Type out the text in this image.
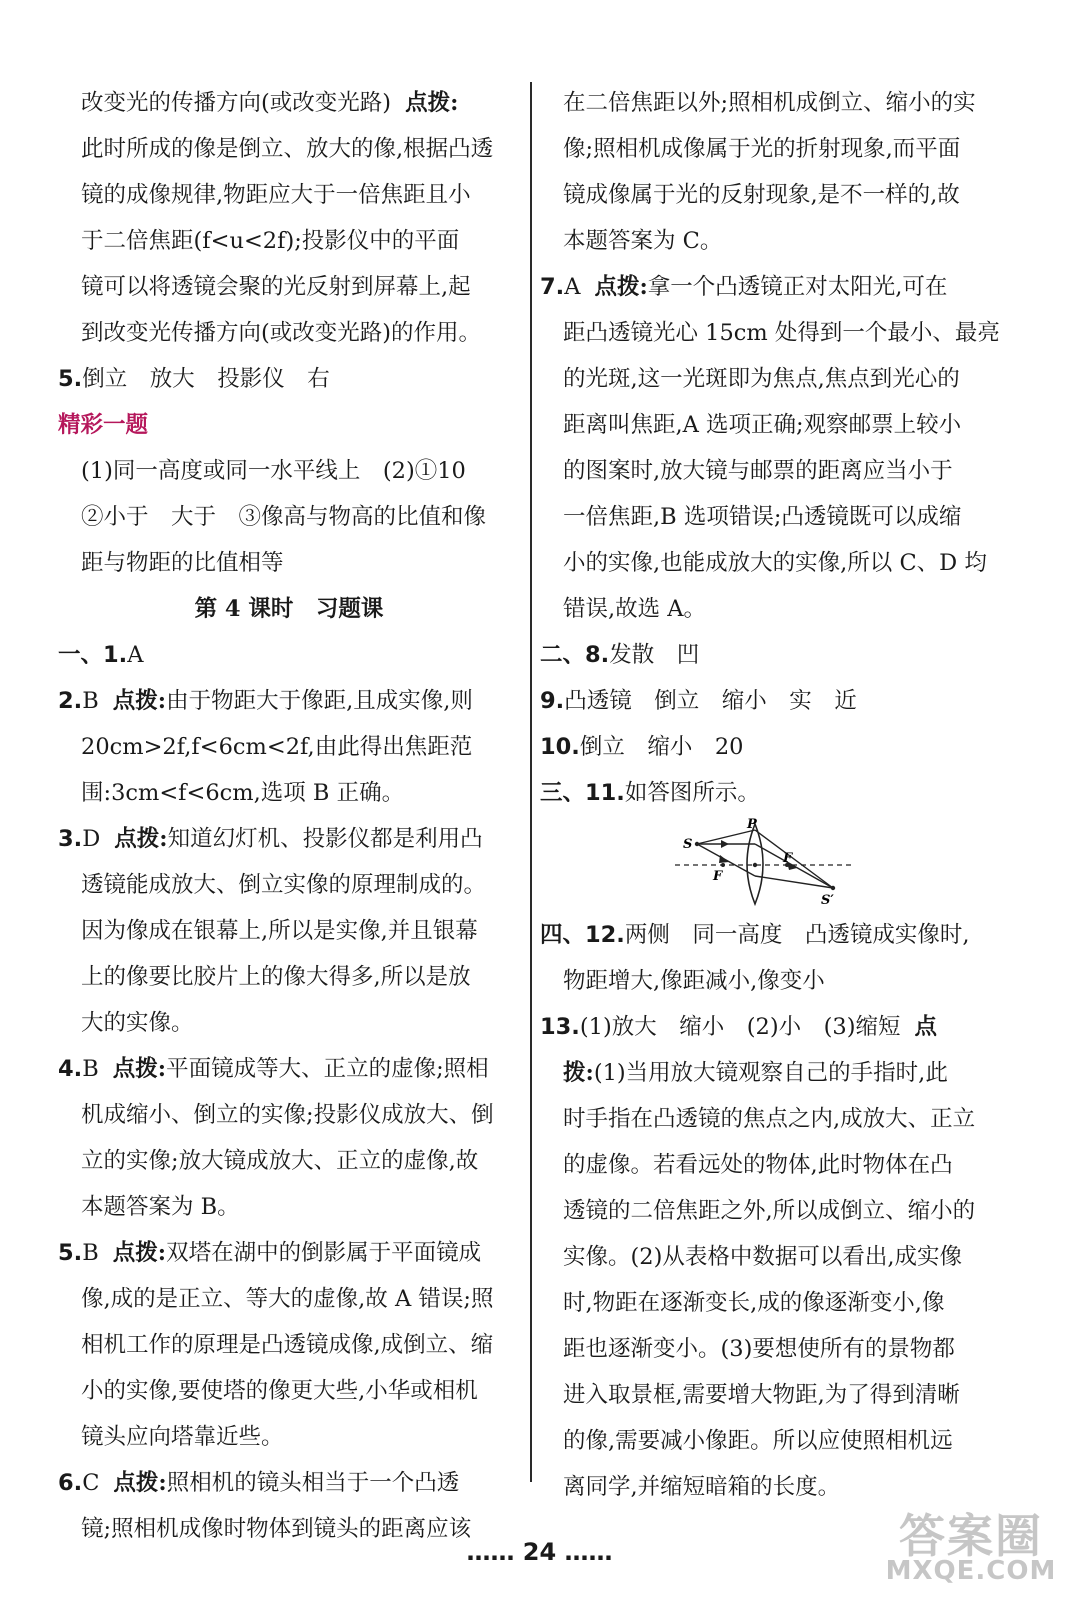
改变光的传播方向(或改变光路) 点拨:
此时所成的像是倒立、放大的像,根据凸透
镜的成像规律,物距应大于一倍焦距且小
于二倍焦距(f<u<2f);投影仪中的平面
镜可以将透镜会聚的光反射到屏幕上,起
到改变光传播方向(或改变光路)的作用。
5.倒立　放大　投影仪　右
精彩一题
(1)同一高度或同一水平线上　(2)①10
②小于　大于　③像高与物高的比值和像
距与物距的比值相等
第 4 课时　习题课
一、1.A
2.B 点拨:由于物距大于像距,且成实像,则
20cm>2f,f<6cm<2f,由此得出焦距范
围:3cm<f<6cm,选项 B 正确。
3.D 点拨:知道幻灯机、投影仪都是利用凸
透镜能成放大、倒立实像的原理制成的。
因为像成在银幕上,所以是实像,并且银幕
上的像要比胶片上的像大得多,所以是放
大的实像。
4.B 点拨:平面镜成等大、正立的虚像;照相
机成缩小、倒立的实像;投影仪成放大、倒
立的实像;放大镜成放大、正立的虚像,故
本题答案为 B。
5.B 点拨:双塔在湖中的倒影属于平面镜成
像,成的是正立、等大的虚像,故 A 错误;照
相机工作的原理是凸透镜成像,成倒立、缩
小的实像,要使塔的像更大些,小华或相机
镜头应向塔靠近些。
6.C 点拨:照相机的镜头相当于一个凸透
镜;照相机成像时物体到镜头的距离应该
在二倍焦距以外;照相机成倒立、缩小的实
像;照相机成像属于光的折射现象,而平面
镜成像属于光的反射现象,是不一样的,故
本题答案为 C。
7.A 点拨:拿一个凸透镜正对太阳光,可在
距凸透镜光心 15cm 处得到一个最小、最亮
的光斑,这一光斑即为焦点,焦点到光心的
距离叫焦距,A 选项正确;观察邮票上较小
的图案时,放大镜与邮票的距离应当小于
一倍焦距,B 选项错误;凸透镜既可以成缩
小的实像,也能成放大的实像,所以 C、D 均
错误,故选 A。
二、8.发散　凹
9.凸透镜　倒立　缩小　实　近
10.倒立　缩小　20
三、11.如答图所示。
P
S
F
F
S′
四、12.两侧　同一高度　凸透镜成实像时,
物距增大,像距减小,像变小
13.(1)放大　缩小　(2)小　(3)缩短 点
拨:(1)当用放大镜观察自己的手指时,此
时手指在凸透镜的焦点之内,成放大、正立
的虚像。若看远处的物体,此时物体在凸
透镜的二倍焦距之外,所以成倒立、缩小的
实像。(2)从表格中数据可以看出,成实像
时,物距在逐渐变长,成的像逐渐变小,像
距也逐渐变小。(3)要想使所有的景物都
进入取景框,需要增大物距,为了得到清晰
的像,需要减小像距。所以应使照相机远
离同学,并缩短暗箱的长度。
…… 24 ……	答案圈
MXQE.COM
